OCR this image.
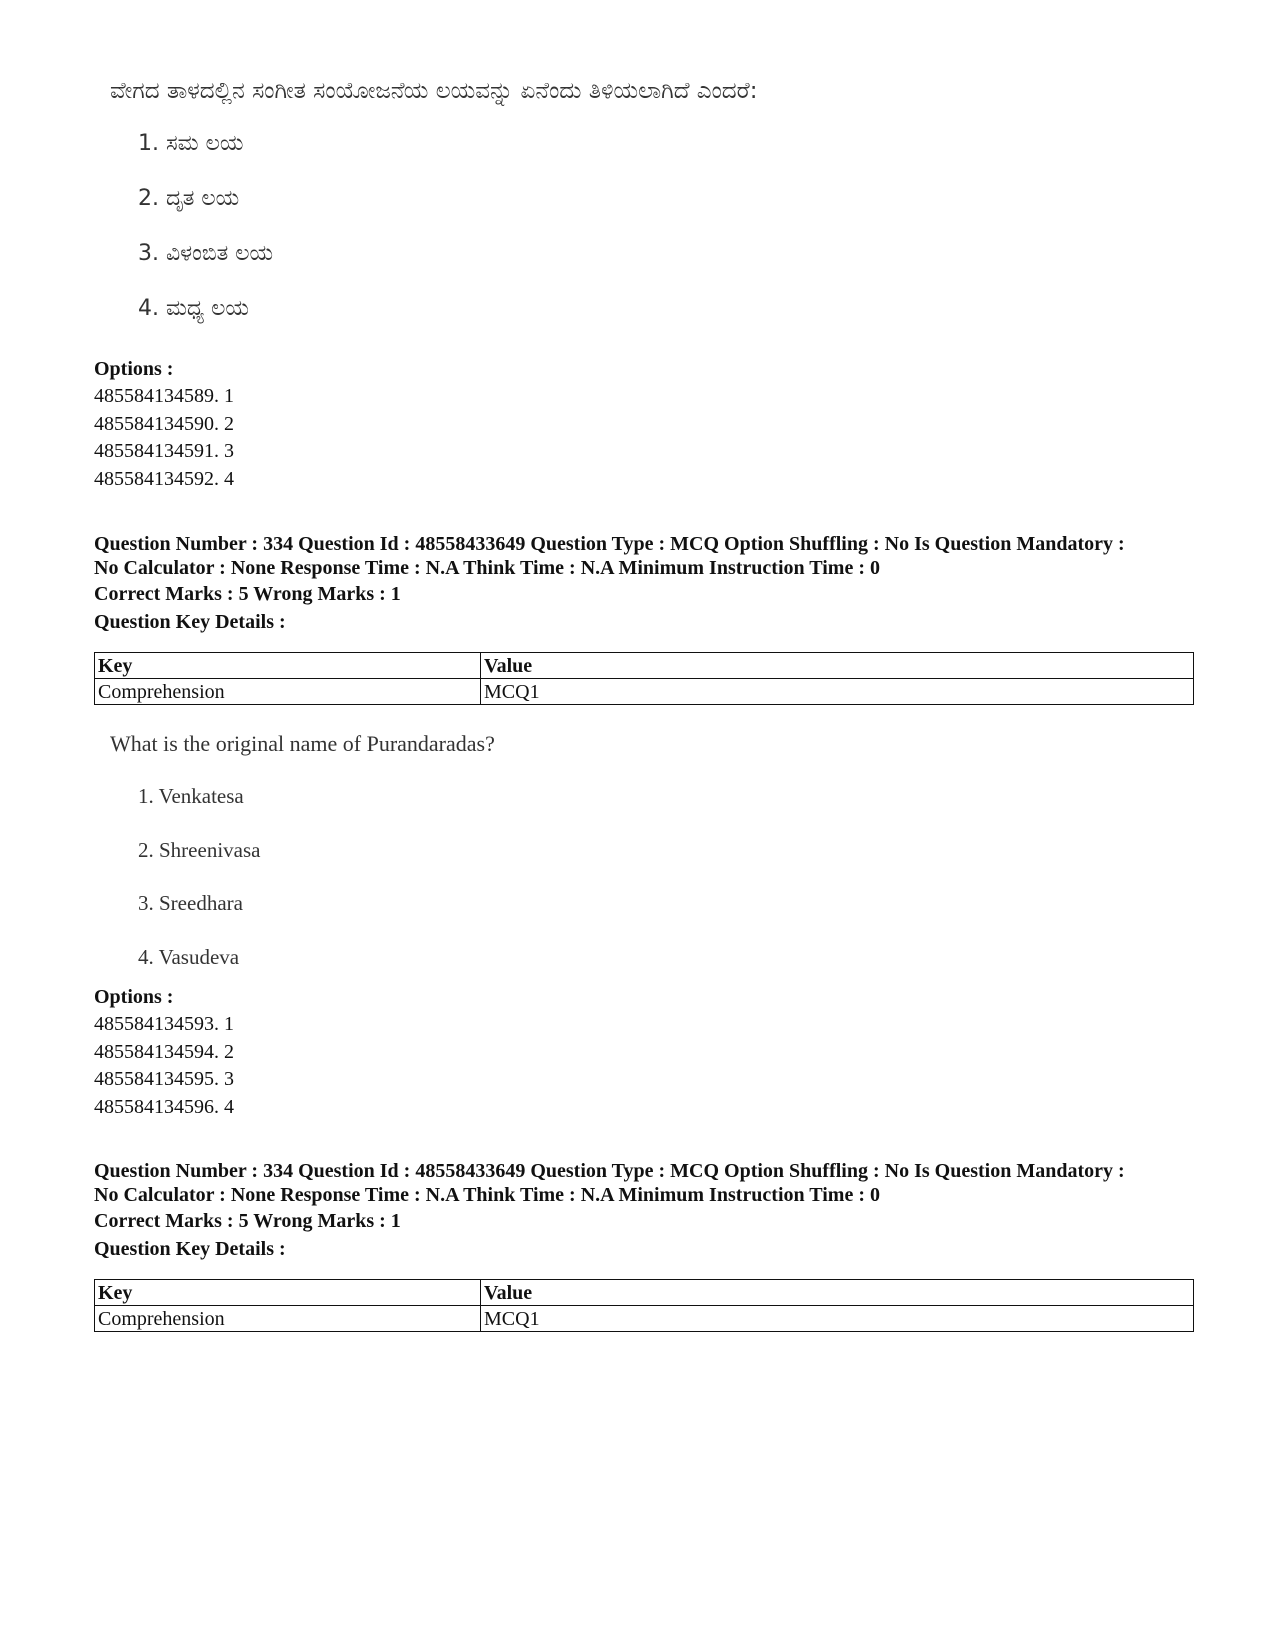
ವೇಗದ ತಾಳದಲ್ಲಿನ ಸಂಗೀತ ಸಂಯೋಜನೆಯ ಲಯವನ್ನು ಏನೆಂದು ತಿಳಿಯಲಾಗಿದೆ ಎಂದರೆ:

1. ಸಮ ಲಯ
2. ದೃತ ಲಯ
3. ವಿಳಂಬಿತ ಲಯ
4. ಮಧ್ಯ ಲಯ

Options :

485584134589. 1
485584134590. 2
485584134591. 3
485584134592. 4

Question Number : 334 Question Id : 48558433649 Question Type : MCQ Option Shuffling : No Is Question Mandatory :

No Calculator : None Response Time : N.A Think Time : N.A Minimum Instruction Time : 0

Correct Marks : 5 Wrong Marks : 1

Question Key Details :

Key	Value
Comprehension	MCQ1

What is the original name of Purandaradas?

1. Venkatesa
2. Shreenivasa
3. Sreedhara
4. Vasudeva

Options :

485584134593. 1
485584134594. 2
485584134595. 3
485584134596. 4

Question Number : 334 Question Id : 48558433649 Question Type : MCQ Option Shuffling : No Is Question Mandatory :

No Calculator : None Response Time : N.A Think Time : N.A Minimum Instruction Time : 0

Correct Marks : 5 Wrong Marks : 1

Question Key Details :

Key	Value
Comprehension	MCQ1
